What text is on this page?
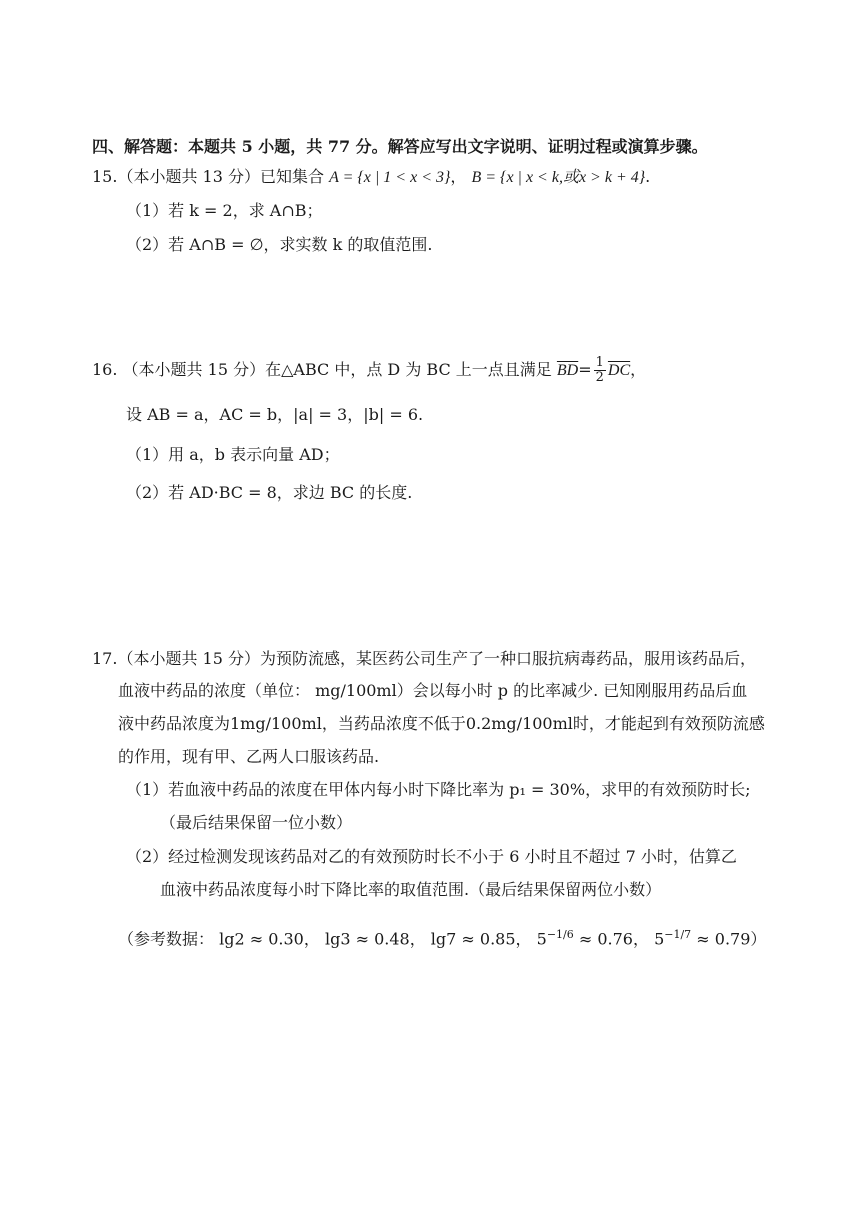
四、解答题：本题共 5 小题，共 77 分。解答应写出文字说明、证明过程或演算步骤。
15.（本小题共 13 分）已知集合 A = {x | 1 < x < 3}， B = {x | x < k,或x > k + 4}.
（1）若 k = 2，求 A∩B；
（2）若 A∩B = ∅，求实数 k 的取值范围.
16. （本小题共 15 分）在△ABC 中，点 D 为 BC 上一点且满足 $\overline{BD}= \frac{1}{2} \overline{DC}$，
设 AB = a，AC = b，|a| = 3，|b| = 6.
（1）用 a，b 表示向量 AD；
（2）若 AD·BC = 8，求边 BC 的长度.
17.（本小题共 15 分）为预防流感，某医药公司生产了一种口服抗病毒药品，服用该药品后，
血液中药品的浓度（单位： mg/100ml）会以每小时 p 的比率减少. 已知刚服用药品后血
液中药品浓度为1mg/100ml，当药品浓度不低于0.2mg/100ml时，才能起到有效预防流感
的作用，现有甲、乙两人口服该药品.
（1）若血液中药品的浓度在甲体内每小时下降比率为 p₁ = 30%，求甲的有效预防时长;
（最后结果保留一位小数）
（2）经过检测发现该药品对乙的有效预防时长不小于 6 小时且不超过 7 小时，估算乙
血液中药品浓度每小时下降比率的取值范围.（最后结果保留两位小数）
（参考数据： lg2 ≈ 0.30， lg3 ≈ 0.48， lg7 ≈ 0.85， $5^{-1/6} \approx 0.76$， $5^{-1/7} \approx 0.79$）
